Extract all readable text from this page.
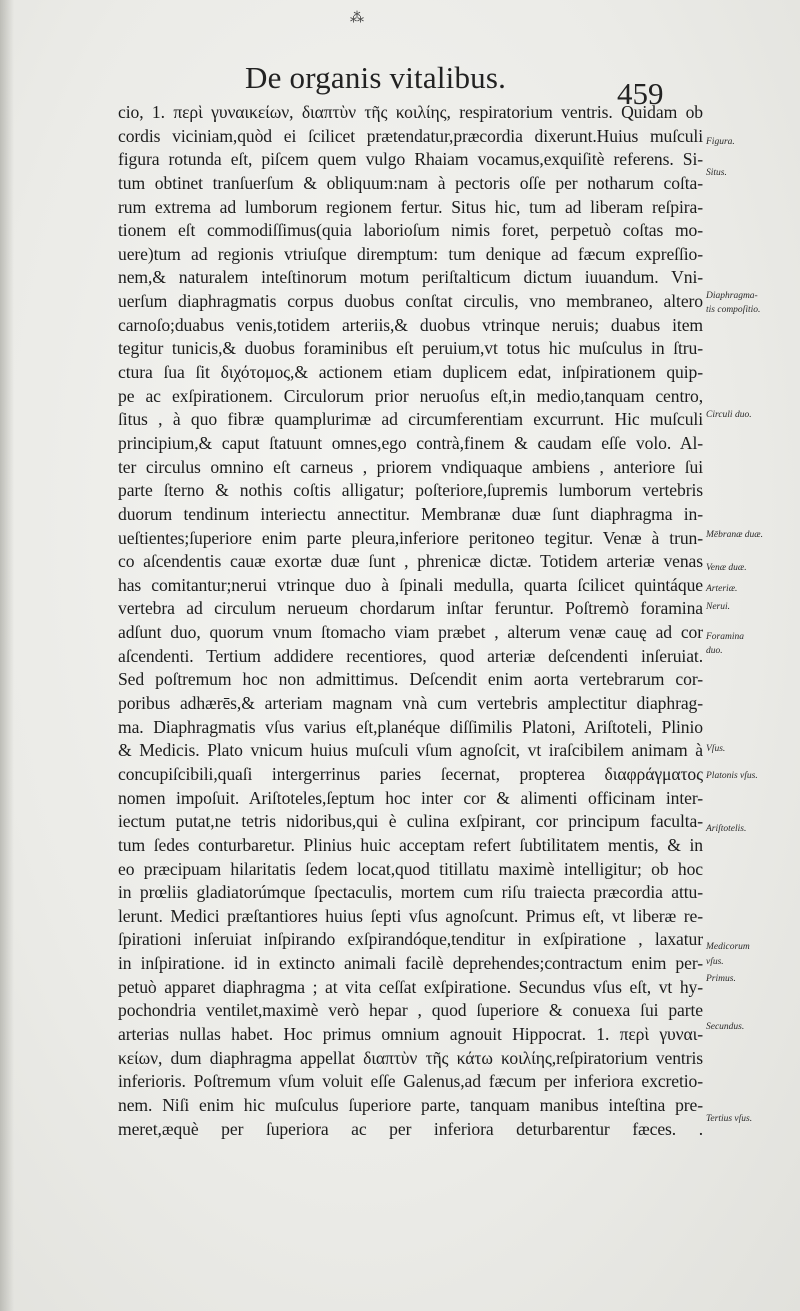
⁂
De organis vitalibus.	459
cio, 1. περὶ γυναικείων, διαπτὺν τῆς κοιλίης, respiratorium ventris. Quidam ob
cordis viciniam,quòd ei ſcilicet prætendatur,præcordia dixerunt.Huius muſculi
figura rotunda eſt, piſcem quem vulgo Rhaiam vocamus,exquiſitè referens. Si-
tum obtinet tranſuerſum & obliquum:nam à pectoris oſſe per notharum coſta-
rum extrema ad lumborum regionem fertur. Situs hic, tum ad liberam reſpira-
tionem eſt commodiſſimus(quia laborioſum nimis foret, perpetuò coſtas mo-
uere)tum ad regionis vtriuſque diremptum: tum denique ad fæcum expreſſio-
nem,& naturalem inteſtinorum motum periſtalticum dictum iuuandum. Vni-
uerſum diaphragmatis corpus duobus conſtat circulis, vno membraneo, altero
carnoſo;duabus venis,totidem arteriis,& duobus vtrinque neruis; duabus item
tegitur tunicis,& duobus foraminibus eſt peruium,vt totus hic muſculus in ſtru-
ctura ſua ſit διχότομος,& actionem etiam duplicem edat, inſpirationem quip-
pe ac exſpirationem. Circulorum prior neruoſus eſt,in medio,tanquam centro,
ſitus , à quo fibræ quamplurimæ ad circumferentiam excurrunt. Hic muſculi
principium,& caput ſtatuunt omnes,ego contrà,finem & caudam eſſe volo. Al-
ter circulus omnino eſt carneus , priorem vndiquaque ambiens , anteriore ſui
parte ſterno & nothis coſtis alligatur; poſteriore,ſupremis lumborum vertebris
duorum tendinum interiectu annectitur. Membranæ duæ ſunt diaphragma in-
ueſtientes;ſuperiore enim parte pleura,inferiore peritoneo tegitur. Venæ à trun-
co aſcendentis cauæ exortæ duæ ſunt , phrenicæ dictæ. Totidem arteriæ venas
has comitantur;nerui vtrinque duo à ſpinali medulla, quarta ſcilicet quintáque
vertebra ad circulum nerueum chordarum inſtar feruntur. Poſtremò foramina
adſunt duo, quorum vnum ſtomacho viam præbet , alterum venæ cauę ad cor
aſcendenti. Tertium addidere recentiores, quod arteriæ deſcendenti inſeruiat.
Sed poſtremum hoc non admittimus. Deſcendit enim aorta vertebrarum cor-
poribus adhærēs,& arteriam magnam vnà cum vertebris amplectitur diaphrag-
ma. Diaphragmatis vſus varius eſt,planéque diſſimilis Platoni, Ariſtoteli, Plinio
& Medicis. Plato vnicum huius muſculi vſum agnoſcit, vt iraſcibilem animam à
concupiſcibili,quaſi intergerrinus paries ſecernat, propterea διαφράγματος
nomen impoſuit. Ariſtoteles,ſeptum hoc inter cor & alimenti officinam inter-
iectum putat,ne tetris nidoribus,qui è culina exſpirant, cor principum faculta-
tum ſedes conturbaretur. Plinius huic acceptam refert ſubtilitatem mentis, & in
eo præcipuam hilaritatis ſedem locat,quod titillatu maximè intelligitur; ob hoc
in prœliis gladiatorúmque ſpectaculis, mortem cum riſu traiecta præcordia attu-
lerunt. Medici præſtantiores huius ſepti vſus agnoſcunt. Primus eſt, vt liberæ re-
ſpirationi inſeruiat inſpirando exſpirandóque,tenditur in exſpiratione , laxatur
in inſpiratione. id in extincto animali facilè deprehendes;contractum enim per-
petuò apparet diaphragma ; at vita ceſſat exſpiratione. Secundus vſus eſt, vt hy-
pochondria ventilet,maximè verò hepar , quod ſuperiore & conuexa ſui parte
arterias nullas habet. Hoc primus omnium agnouit Hippocrat. 1. περὶ γυναι-
κείων, dum diaphragma appellat διαπτὺν τῆς κάτω κοιλίης,reſpiratorium ventris
inferioris. Poſtremum vſum voluit eſſe Galenus,ad fæcum per inferiora excretio-
nem. Niſi enim hic muſculus ſuperiore parte, tanquam manibus inteſtina pre-
meret,æquè per ſuperiora ac per inferiora deturbarentur fæces. .
Figura.
Situs.
Diaphragma-
tis compoſitio.
Circuli duo.
Mēbranæ duæ.
Venæ duæ.
Arteriæ.
Nerui.
Foramina
duo.
Vſus.
Platonis vſus.
Ariſtotelis.
Medicorum
vſus.
Primus.
Secundus.
Tertius vſus.
